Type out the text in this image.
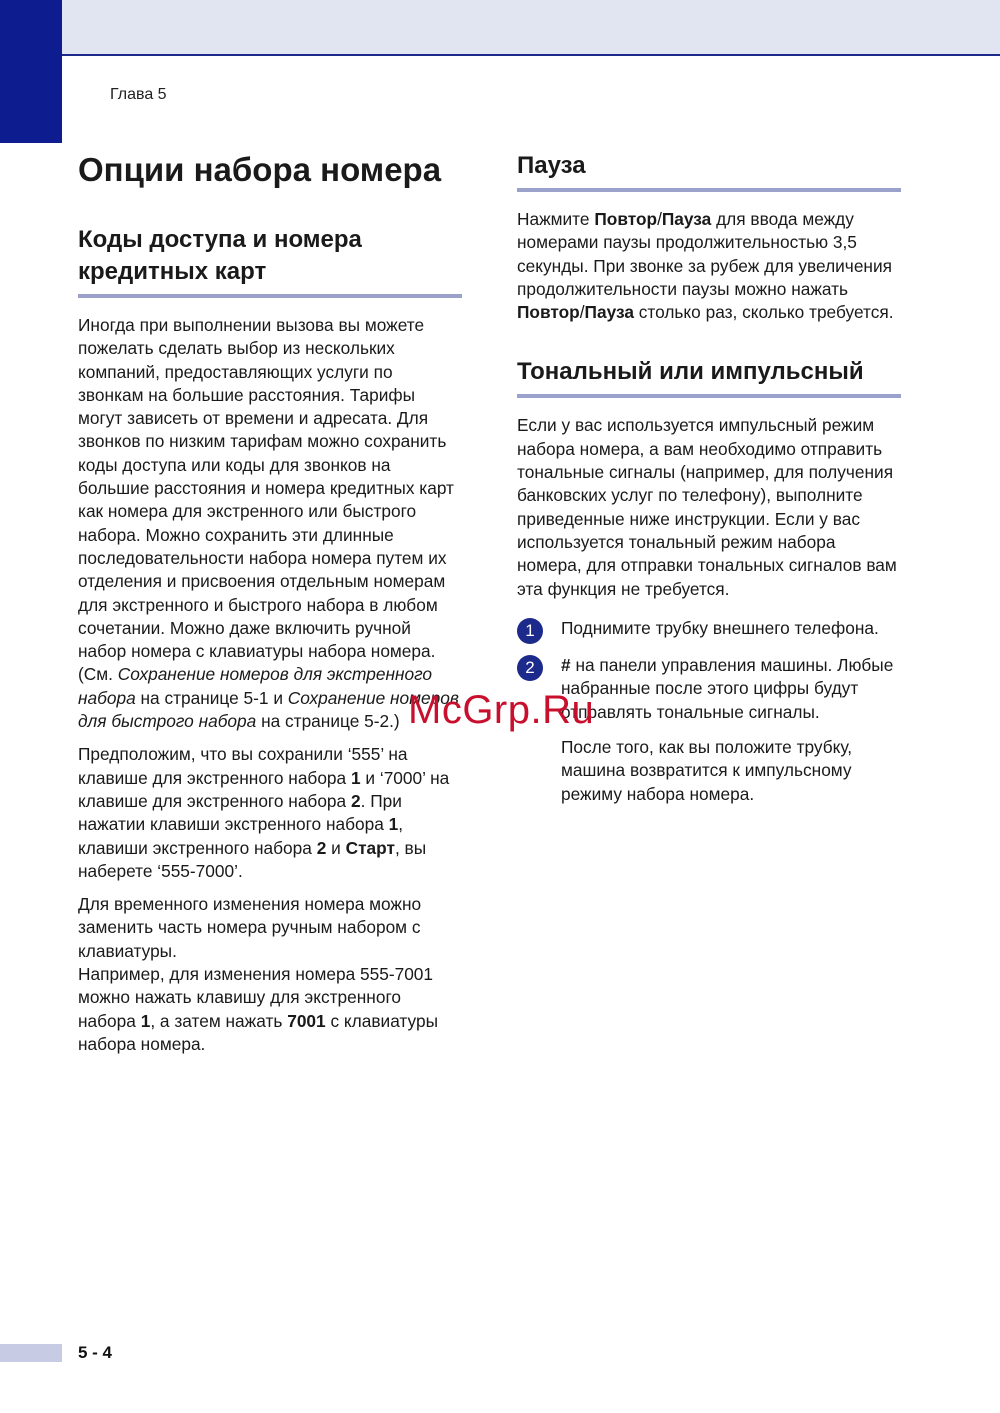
Глава 5
Опции набора номера
Коды доступа и номера кредитных карт

Иногда при выполнении вызова вы можете пожелать сделать выбор из нескольких компаний, предоставляющих услуги по звонкам на большие расстояния. Тарифы могут зависеть от времени и адресата. Для звонков по низким тарифам можно сохранить коды доступа или коды для звонков на большие расстояния и номера кредитных карт как номера для экстренного или быстрого набора. Можно сохранить эти длинные последовательности набора номера путем их отделения и присвоения отдельным номерам для экстренного и быстрого набора в любом сочетании. Можно даже включить ручной набор номера с клавиатуры набора номера. (См. Сохранение номеров для экстренного набора на странице 5-1 и Сохранение номеров для быстрого набора на странице 5-2.)

Предположим, что вы сохранили ‘555’ на клавише для экстренного набора 1 и ‘7000’ на клавише для экстренного набора 2. При нажатии клавиши экстренного набора 1, клавиши экстренного набора 2 и Старт, вы наберете ‘555-7000’.

Для временного изменения номера можно заменить часть номера ручным набором с клавиатуры.
Например, для изменения номера 555-7001 можно нажать клавишу для экстренного набора 1, а затем нажать 7001 с клавиатуры набора номера.

Пауза

Нажмите Повтор/Пауза для ввода между номерами паузы продолжительностью 3,5 секунды. При звонке за рубеж для увеличения продолжительности паузы можно нажать Повтор/Пауза столько раз, сколько требуется.

Тональный или импульсный

Если у вас используется импульсный режим набора номера, а вам необходимо отправить тональные сигналы (например, для получения банковских услуг по телефону), выполните приведенные ниже инструкции. Если у вас используется тональный режим набора номера, для отправки тональных сигналов вам эта функция не требуется.

1	Поднимите трубку внешнего телефона.

2	# на панели управления машины. Любые набранные после этого цифры будут отправлять тональные сигналы.

После того, как вы положите трубку, машина возвратится к импульсному режиму набора номера.

McGrp.Ru
5 - 4
